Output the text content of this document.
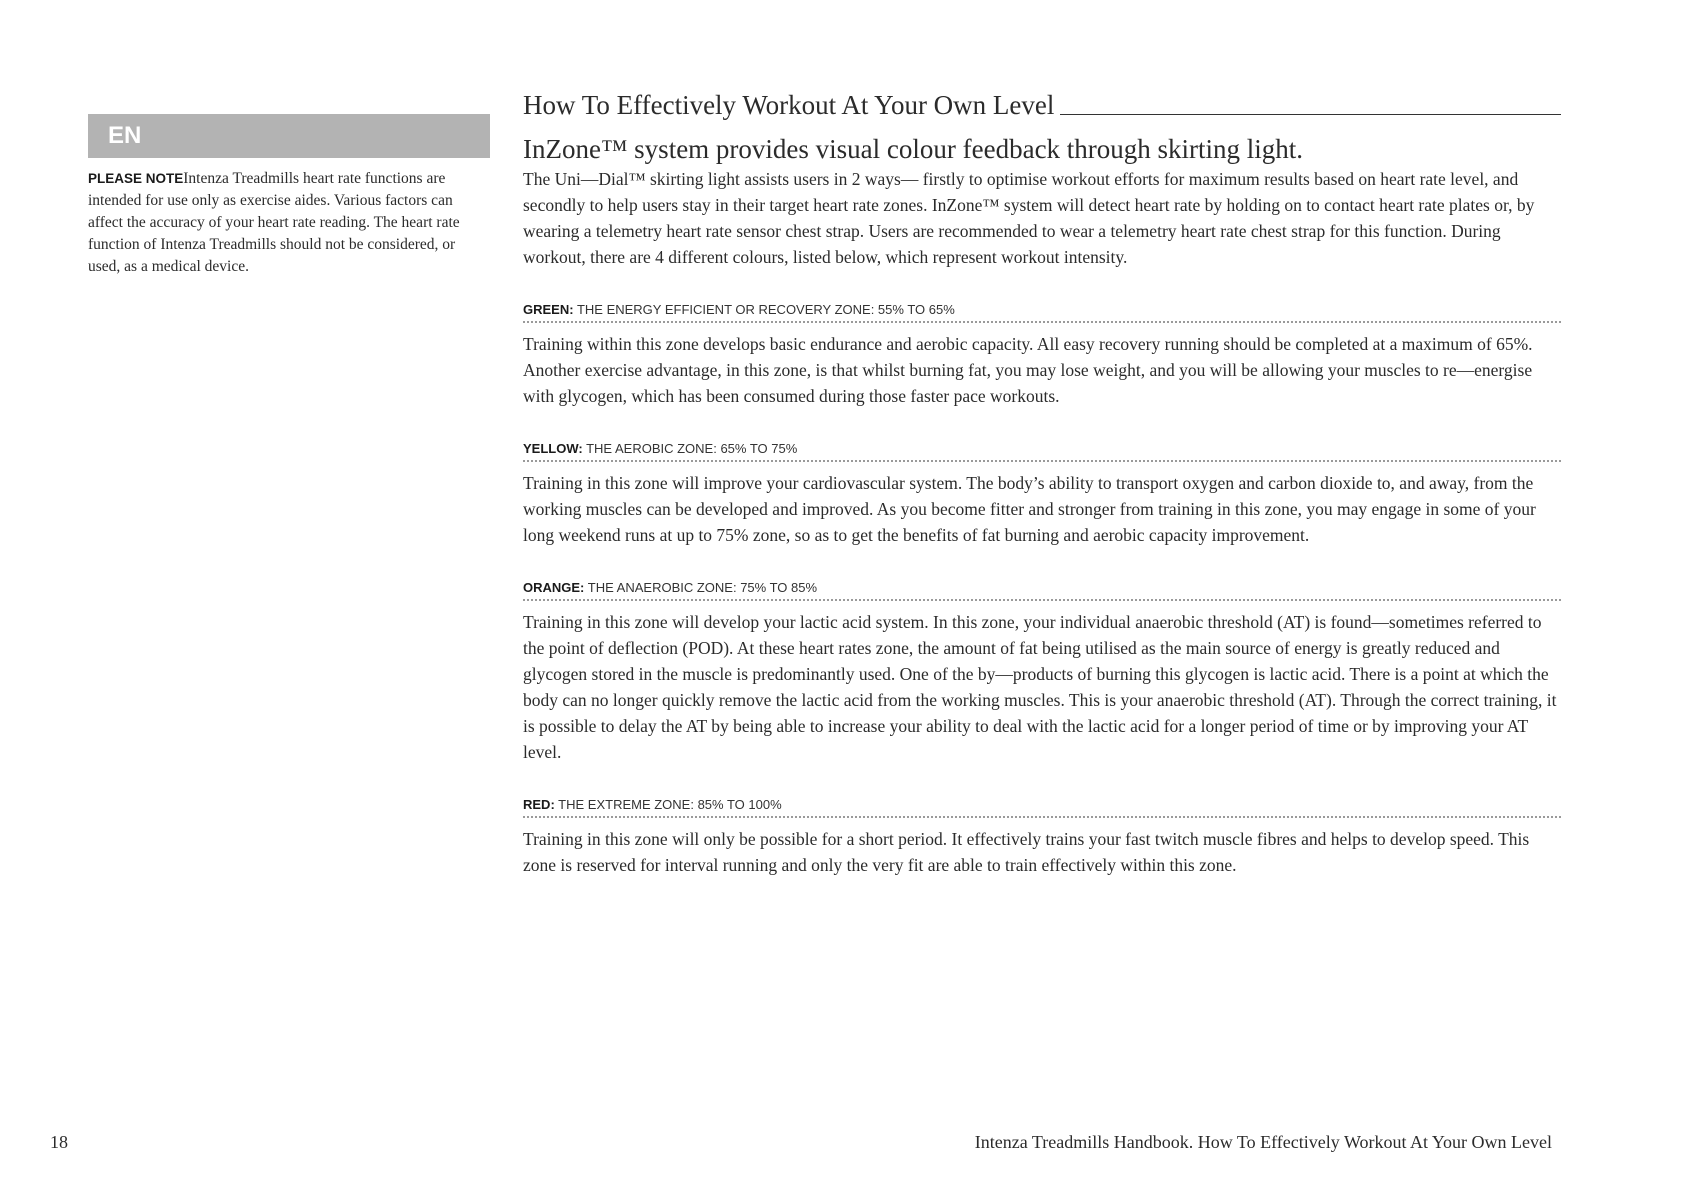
EN
PLEASE NOTEIntenza Treadmills heart rate functions are intended for use only as exercise aides. Various factors can affect the accuracy of your heart rate reading. The heart rate function of Intenza Treadmills should not be considered, or used, as a medical device.
How To Effectively Workout At Your Own Level
InZone™ system provides visual colour feedback through skirting light.

The Uni—Dial™ skirting light assists users in 2 ways— firstly to optimise workout efforts for maximum results based on heart rate level, and secondly to help users stay in their target heart rate zones. InZone™ system will detect heart rate by holding on to contact heart rate plates or, by wearing a telemetry heart rate sensor chest strap. Users are recommended to wear a telemetry heart rate chest strap for this function. During workout, there are 4 different colours, listed below, which represent workout intensity.

GREEN: THE ENERGY EFFICIENT OR RECOVERY ZONE: 55% TO 65%

Training within this zone develops basic endurance and aerobic capacity. All easy recovery running should be completed at a maximum of 65%. Another exercise advantage, in this zone, is that whilst burning fat, you may lose weight, and you will be allowing your muscles to re—energise with glycogen, which has been consumed during those faster pace workouts.

YELLOW: THE AEROBIC ZONE: 65% TO 75%

Training in this zone will improve your cardiovascular system. The body’s ability to transport oxygen and carbon dioxide to, and away, from the working muscles can be developed and improved. As you become fitter and stronger from training in this zone, you may engage in some of your long weekend runs at up to 75% zone, so as to get the benefits of fat burning and aerobic capacity improvement.

ORANGE: THE ANAEROBIC ZONE: 75% TO 85%

Training in this zone will develop your lactic acid system. In this zone, your individual anaerobic threshold (AT) is found—sometimes referred to the point of deflection (POD). At these heart rates zone, the amount of fat being utilised as the main source of energy is greatly reduced and glycogen stored in the muscle is predominantly used. One of the by—products of burning this glycogen is lactic acid. There is a point at which the body can no longer quickly remove the lactic acid from the working muscles. This is your anaerobic threshold (AT). Through the correct training, it is possible to delay the AT by being able to increase your ability to deal with the lactic acid for a longer period of time or by improving your AT level.

RED: THE EXTREME ZONE: 85% TO 100%

Training in this zone will only be possible for a short period. It effectively trains your fast twitch muscle fibres and helps to develop speed. This zone is reserved for interval running and only the very fit are able to train effectively within this zone.

18	Intenza Treadmills Handbook. How To Effectively Workout At Your Own Level
